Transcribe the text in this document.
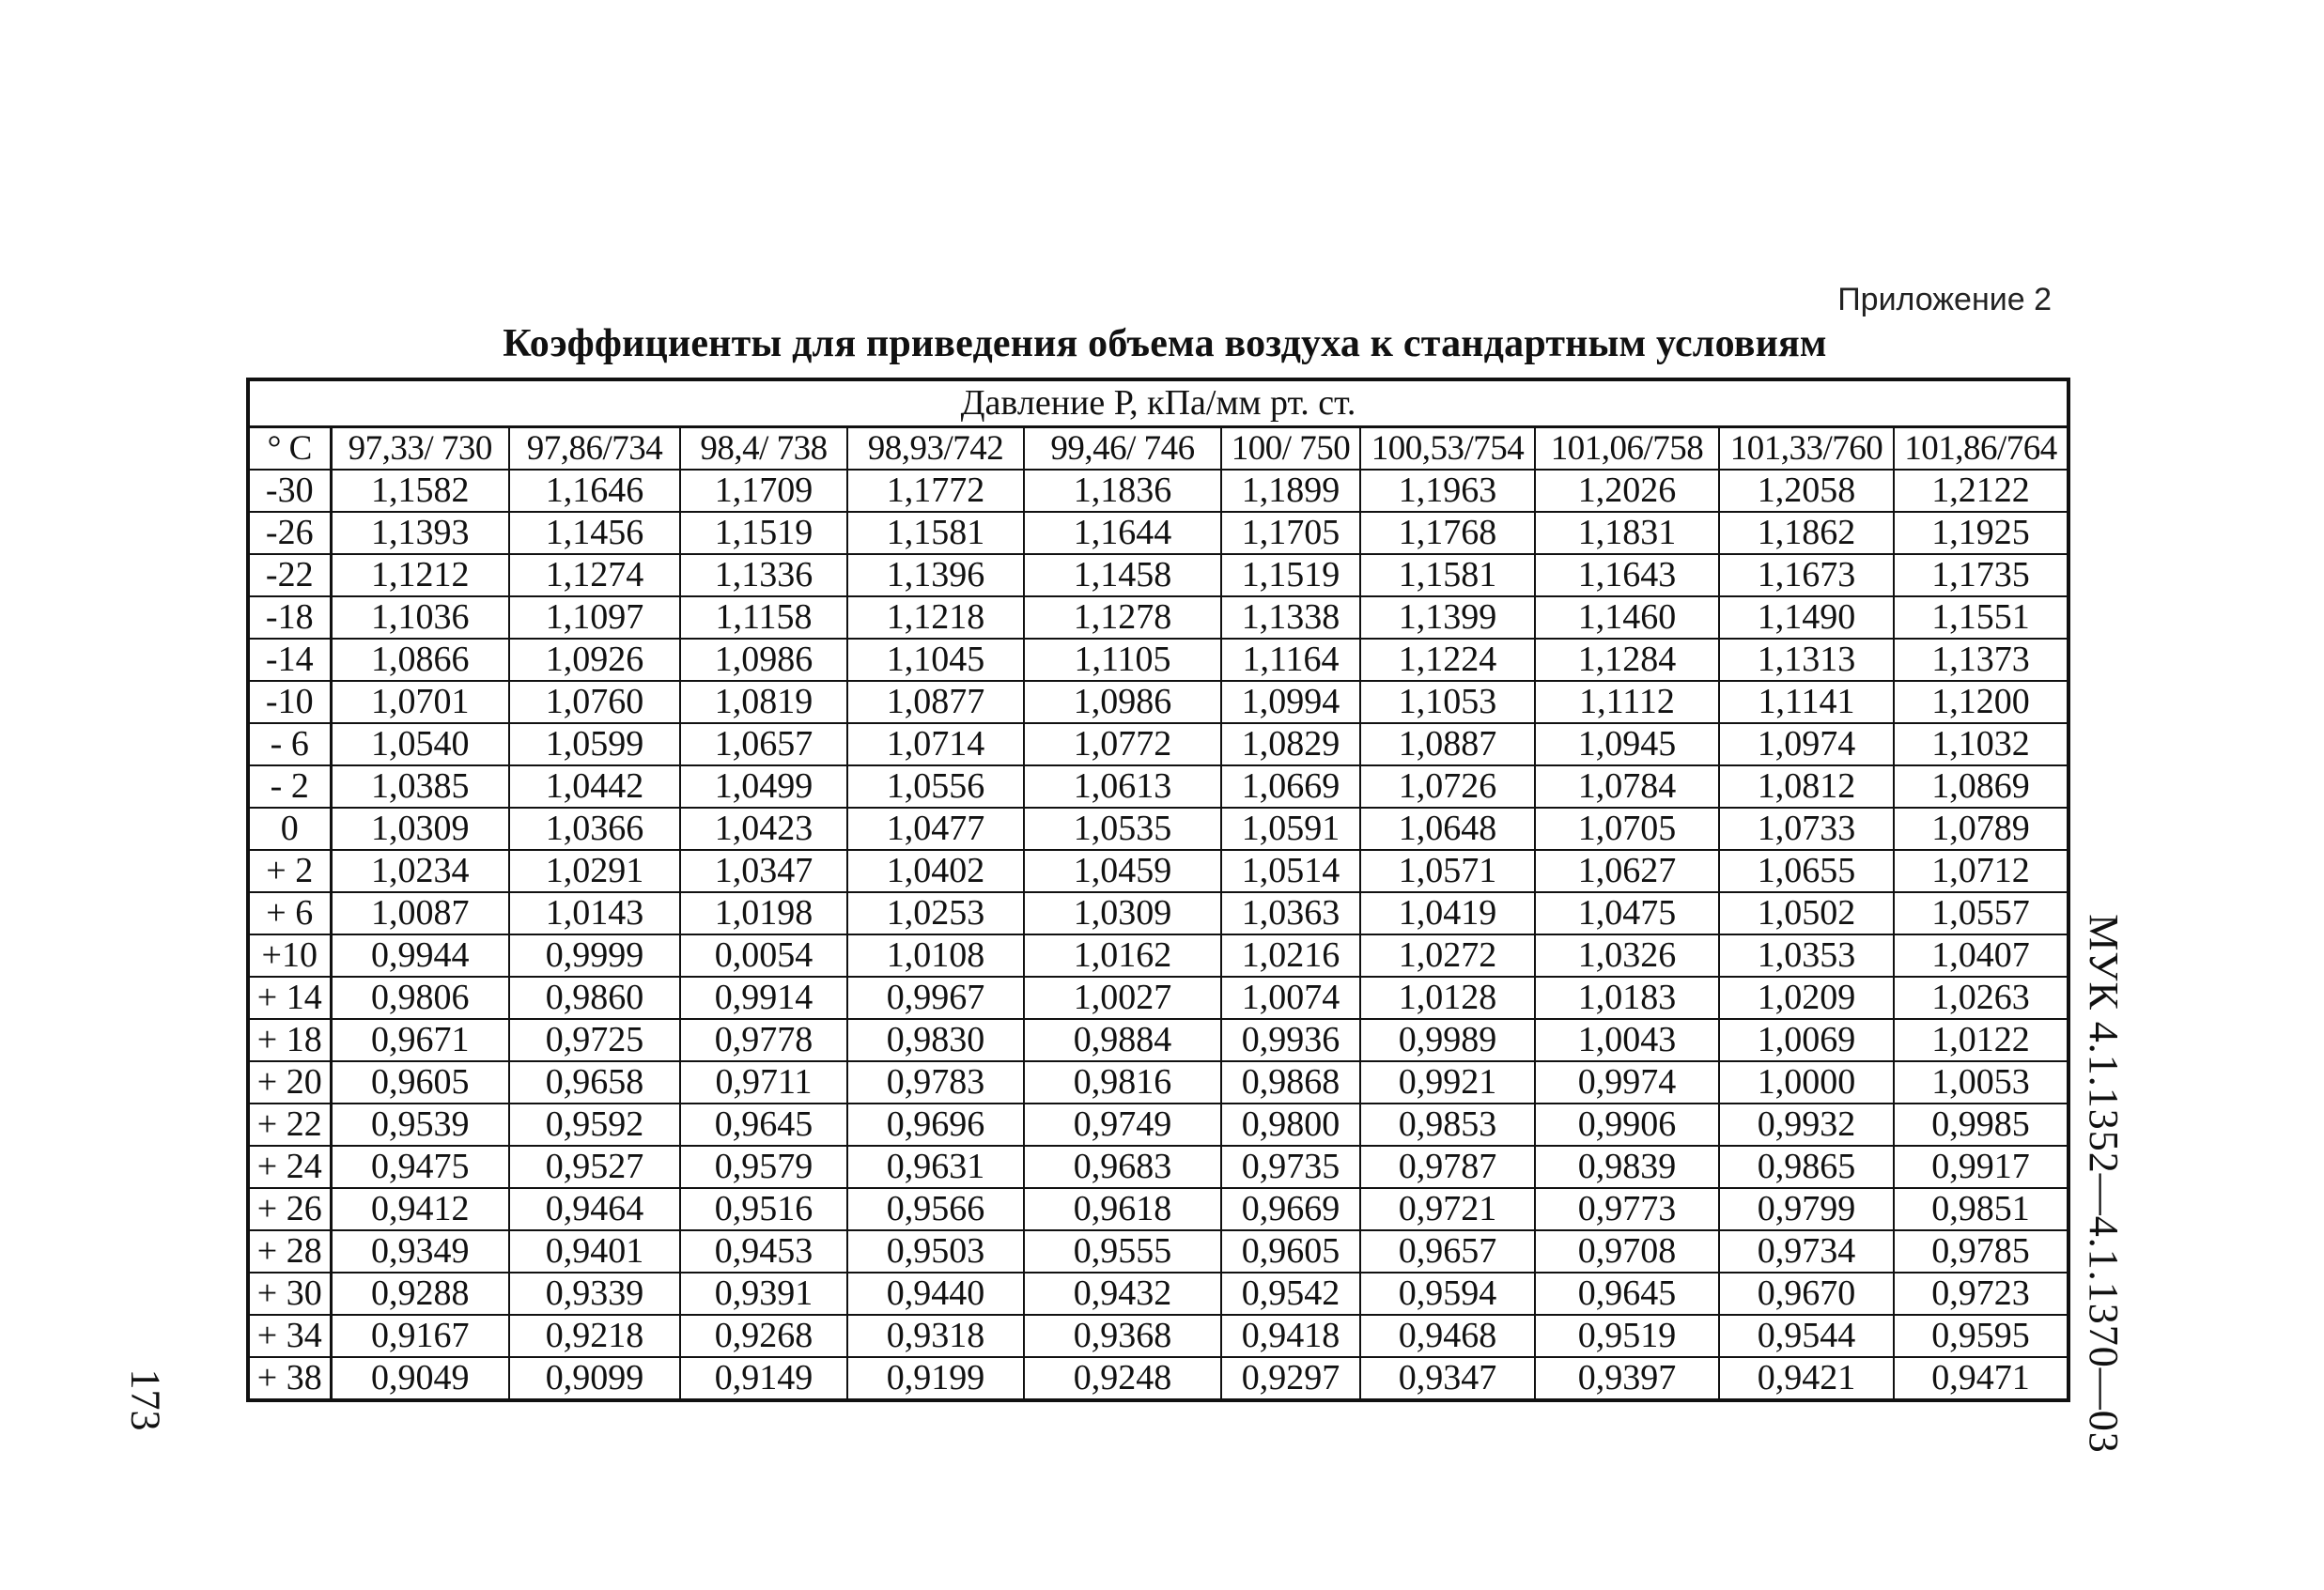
Приложение 2
Коэффициенты для приведения объема воздуха к стандартным условиям
Давление Р, кПа/мм рт. ст.										
° С	97,33/ 730	97,86/734	98,4/ 738	98,93/742	99,46/ 746	100/ 750	100,53/754	101,06/758	101,33/760	101,86/764
-30	1,1582	1,1646	1,1709	1,1772	1,1836	1,1899	1,1963	1,2026	1,2058	1,2122
-26	1,1393	1,1456	1,1519	1,1581	1,1644	1,1705	1,1768	1,1831	1,1862	1,1925
-22	1,1212	1,1274	1,1336	1,1396	1,1458	1,1519	1,1581	1,1643	1,1673	1,1735
-18	1,1036	1,1097	1,1158	1,1218	1,1278	1,1338	1,1399	1,1460	1,1490	1,1551
-14	1,0866	1,0926	1,0986	1,1045	1,1105	1,1164	1,1224	1,1284	1,1313	1,1373
-10	1,0701	1,0760	1,0819	1,0877	1,0986	1,0994	1,1053	1,1112	1,1141	1,1200
- 6	1,0540	1,0599	1,0657	1,0714	1,0772	1,0829	1,0887	1,0945	1,0974	1,1032
- 2	1,0385	1,0442	1,0499	1,0556	1,0613	1,0669	1,0726	1,0784	1,0812	1,0869
0	1,0309	1,0366	1,0423	1,0477	1,0535	1,0591	1,0648	1,0705	1,0733	1,0789
+ 2	1,0234	1,0291	1,0347	1,0402	1,0459	1,0514	1,0571	1,0627	1,0655	1,0712
+ 6	1,0087	1,0143	1,0198	1,0253	1,0309	1,0363	1,0419	1,0475	1,0502	1,0557
+10	0,9944	0,9999	0,0054	1,0108	1,0162	1,0216	1,0272	1,0326	1,0353	1,0407
+ 14	0,9806	0,9860	0,9914	0,9967	1,0027	1,0074	1,0128	1,0183	1,0209	1,0263
+ 18	0,9671	0,9725	0,9778	0,9830	0,9884	0,9936	0,9989	1,0043	1,0069	1,0122
+ 20	0,9605	0,9658	0,9711	0,9783	0,9816	0,9868	0,9921	0,9974	1,0000	1,0053
+ 22	0,9539	0,9592	0,9645	0,9696	0,9749	0,9800	0,9853	0,9906	0,9932	0,9985
+ 24	0,9475	0,9527	0,9579	0,9631	0,9683	0,9735	0,9787	0,9839	0,9865	0,9917
+ 26	0,9412	0,9464	0,9516	0,9566	0,9618	0,9669	0,9721	0,9773	0,9799	0,9851
+ 28	0,9349	0,9401	0,9453	0,9503	0,9555	0,9605	0,9657	0,9708	0,9734	0,9785
+ 30	0,9288	0,9339	0,9391	0,9440	0,9432	0,9542	0,9594	0,9645	0,9670	0,9723
+ 34	0,9167	0,9218	0,9268	0,9318	0,9368	0,9418	0,9468	0,9519	0,9544	0,9595
+ 38	0,9049	0,9099	0,9149	0,9199	0,9248	0,9297	0,9347	0,9397	0,9421	0,9471 МУК 4.1.1352—4.1.1370—03
173
